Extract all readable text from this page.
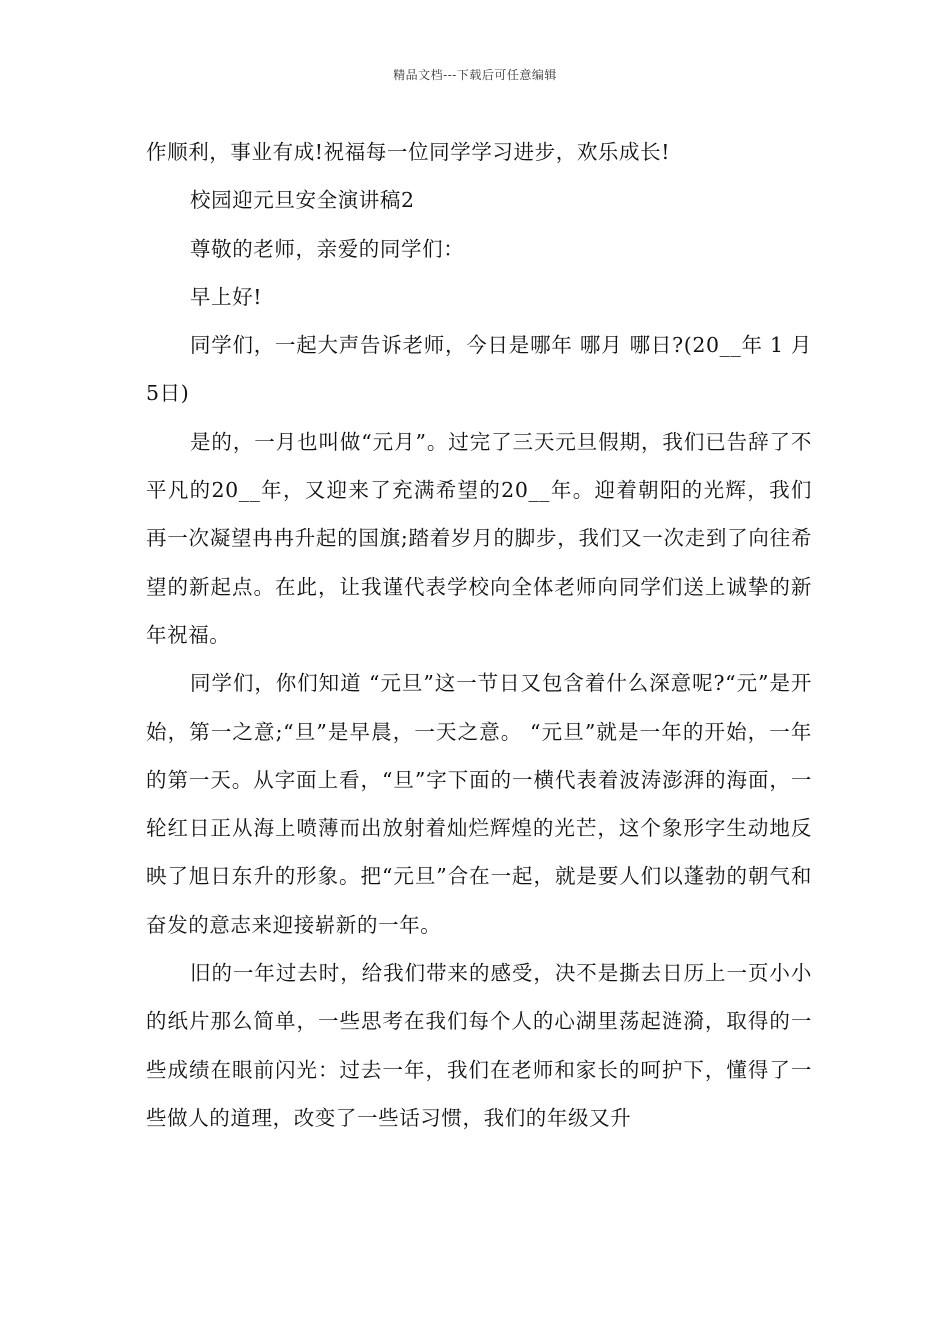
精品文档---下载后可任意编辑

作顺利，事业有成!祝福每一位同学学习进步，欢乐成长!

校园迎元旦安全演讲稿2

尊敬的老师，亲爱的同学们：

早上好!

同学们，一起大声告诉老师，今日是哪年 哪月 哪日?(20__年 1 月5日)

是的，一月也叫做“元月”。过完了三天元旦假期，我们已告辞了不平凡的20__年，又迎来了充满希望的20__年。迎着朝阳的光辉，我们再一次凝望冉冉升起的国旗;踏着岁月的脚步，我们又一次走到了向往希望的新起点。在此，让我谨代表学校向全体老师向同学们送上诚挚的新年祝福。

同学们，你们知道 “元旦”这一节日又包含着什么深意呢?“元”是开始，第一之意;“旦”是早晨，一天之意。 “元旦”就是一年的开始，一年的第一天。从字面上看，“旦”字下面的一横代表着波涛澎湃的海面，一轮红日正从海上喷薄而出放射着灿烂辉煌的光芒，这个象形字生动地反映了旭日东升的形象。把“元旦”合在一起，就是要人们以蓬勃的朝气和奋发的意志来迎接崭新的一年。

旧的一年过去时，给我们带来的感受，决不是撕去日历上一页小小的纸片那么简单，一些思考在我们每个人的心湖里荡起涟漪，取得的一些成绩在眼前闪光：过去一年，我们在老师和家长的呵护下，懂得了一些做人的道理，改变了一些话习惯，我们的年级又升
